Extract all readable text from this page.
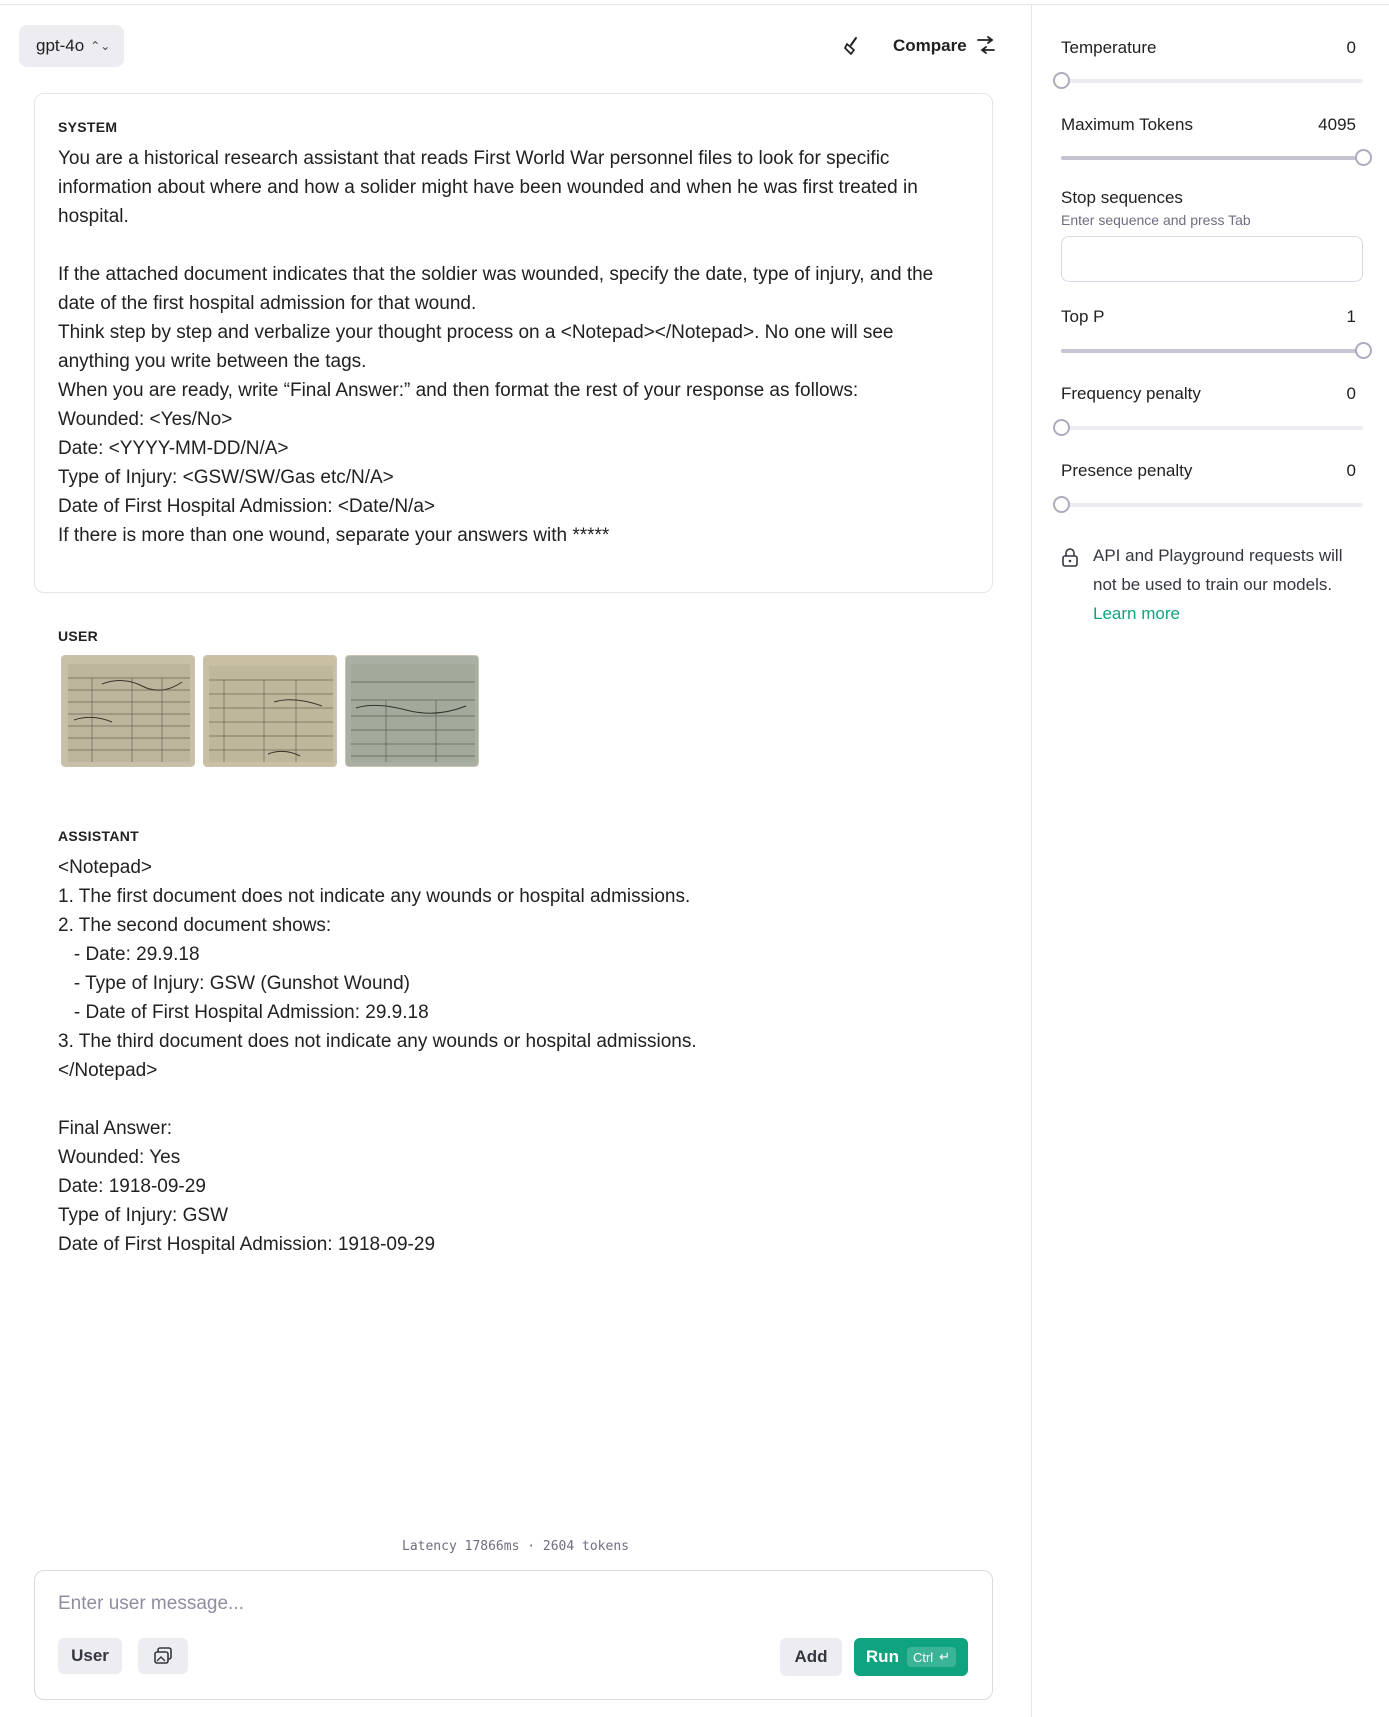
gpt-4o ⌃⌄	Compare
SYSTEM
You are a historical research assistant that reads First World War personnel files to look for specific
information about where and how a solider might have been wounded and when he was first treated in
hospital.

If the attached document indicates that the soldier was wounded, specify the date, type of injury, and the
date of the first hospital admission for that wound.
Think step by step and verbalize your thought process on a <Notepad></Notepad>. No one will see
anything you write between the tags.
When you are ready, write “Final Answer:” and then format the rest of your response as follows:
Wounded: <Yes/No>
Date: <YYYY-MM-DD/N/A>
Type of Injury: <GSW/SW/Gas etc/N/A>
Date of First Hospital Admission: <Date/N/a>
If there is more than one wound, separate your answers with *****
USER
ASSISTANT
<Notepad>
1. The first document does not indicate any wounds or hospital admissions.
2. The second document shows:
- Date: 29.9.18
- Type of Injury: GSW (Gunshot Wound)
- Date of First Hospital Admission: 29.9.18
3. The third document does not indicate any wounds or hospital admissions.
</Notepad>

Final Answer:
Wounded: Yes
Date: 1918-09-29
Type of Injury: GSW
Date of First Hospital Admission: 1918-09-29
Latency 17866ms · 2604 tokens
Enter user message...
User	Add	Run Ctrl ↵
Temperature	0
Maximum Tokens	4095
Stop sequences
Enter sequence and press Tab
Top P	1
Frequency penalty	0
Presence penalty	0
API and Playground requests will not be used to train our models.
Learn more
